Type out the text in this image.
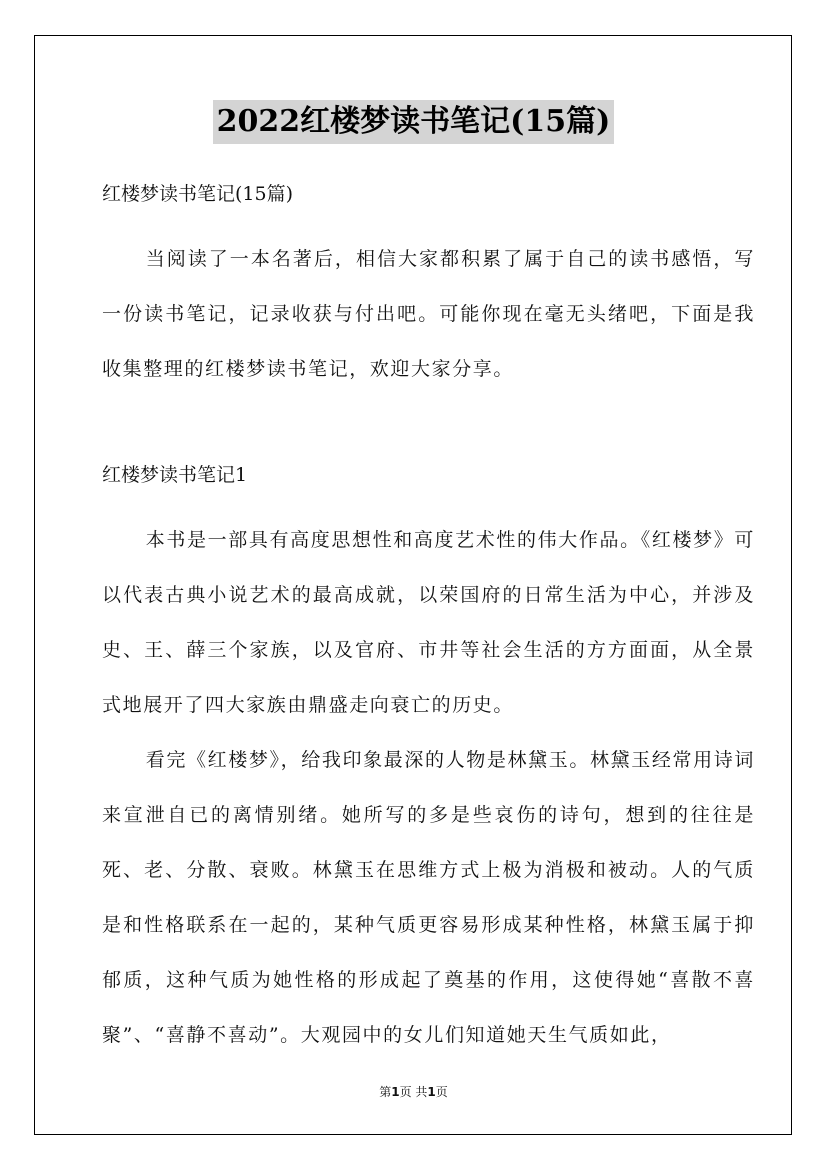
2022红楼梦读书笔记(15篇)

红楼梦读书笔记(15篇)

当阅读了一本名著后，相信大家都积累了属于自己的读书感悟，写一份读书笔记，记录收获与付出吧。可能你现在毫无头绪吧，下面是我收集整理的红楼梦读书笔记，欢迎大家分享。

红楼梦读书笔记1

本书是一部具有高度思想性和高度艺术性的伟大作品。《红楼梦》可以代表古典小说艺术的最高成就，以荣国府的日常生活为中心，并涉及史、王、薛三个家族，以及官府、市井等社会生活的方方面面，从全景式地展开了四大家族由鼎盛走向衰亡的历史。

看完《红楼梦》，给我印象最深的人物是林黛玉。林黛玉经常用诗词来宣泄自已的离情别绪。她所写的多是些哀伤的诗句，想到的往往是死、老、分散、衰败。林黛玉在思维方式上极为消极和被动。人的气质是和性格联系在一起的，某种气质更容易形成某种性格，林黛玉属于抑郁质，这种气质为她性格的形成起了奠基的作用，这使得她“喜散不喜聚”、“喜静不喜动”。大观园中的女儿们知道她天生气质如此，

第1页 共1页
